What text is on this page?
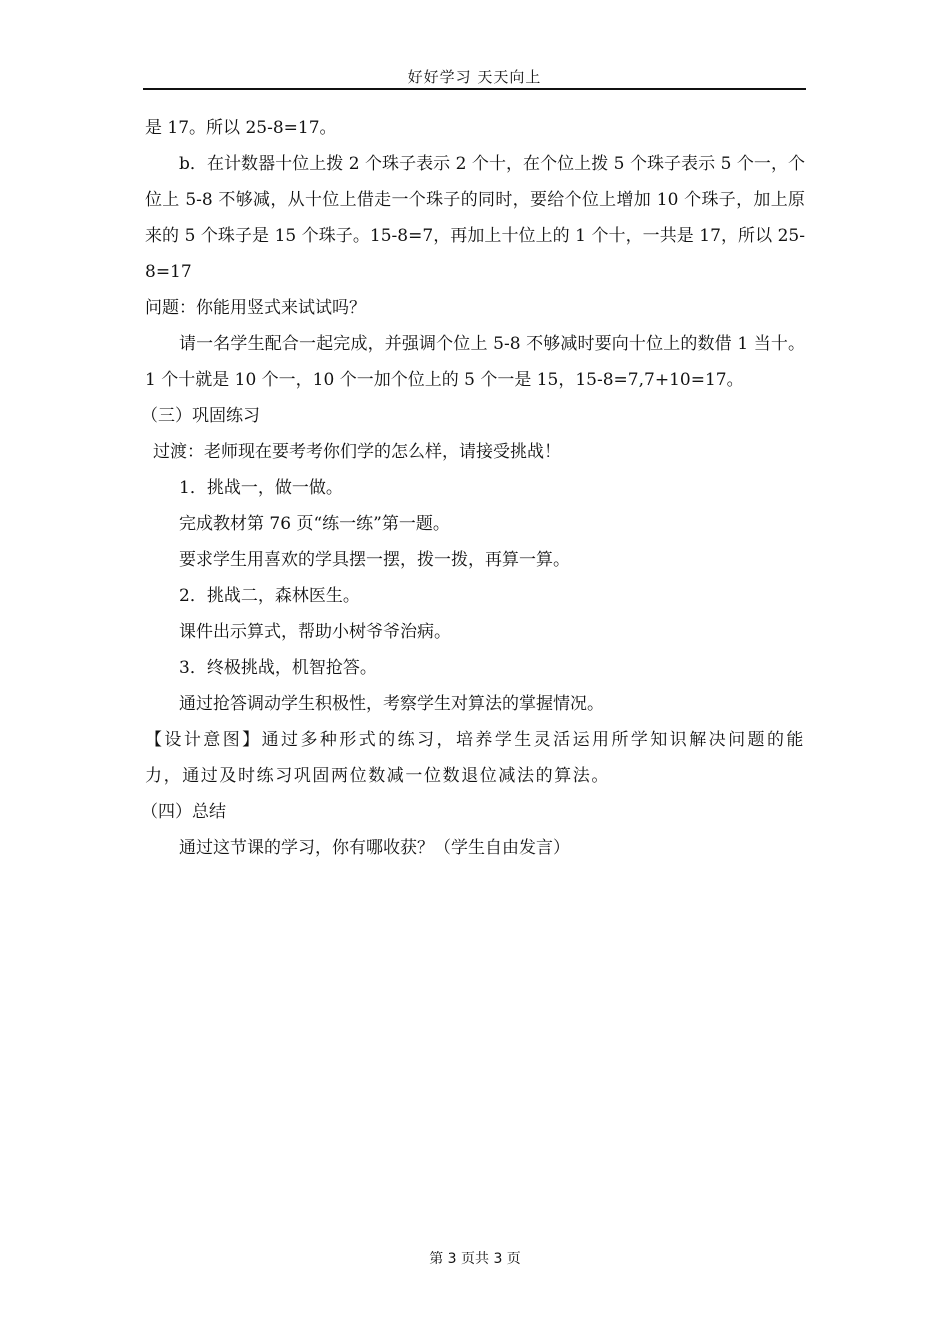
好好学习 天天向上

是 17。所以 25-8=17。

b．在计数器十位上拨 2 个珠子表示 2 个十，在个位上拨 5 个珠子表示 5 个一，个位上 5-8 不够减，从十位上借走一个珠子的同时，要给个位上增加 10 个珠子，加上原来的 5 个珠子是 15 个珠子。15-8=7，再加上十位上的 1 个十，一共是 17，所以 25-8=17

问题：你能用竖式来试试吗？

请一名学生配合一起完成，并强调个位上 5-8 不够减时要向十位上的数借 1 当十。1 个十就是 10 个一，10 个一加个位上的 5 个一是 15，15-8=7,7+10=17。

（三）巩固练习

过渡：老师现在要考考你们学的怎么样，请接受挑战！

1．挑战一，做一做。

完成教材第 76 页“练一练”第一题。

要求学生用喜欢的学具摆一摆，拨一拨，再算一算。

2．挑战二，森林医生。

课件出示算式，帮助小树爷爷治病。

3．终极挑战，机智抢答。

通过抢答调动学生积极性，考察学生对算法的掌握情况。

【设计意图】通过多种形式的练习，培养学生灵活运用所学知识解决问题的能力，通过及时练习巩固两位数减一位数退位减法的算法。

（四）总结

通过这节课的学习，你有哪收获？（学生自由发言）

第 3 页共 3 页
